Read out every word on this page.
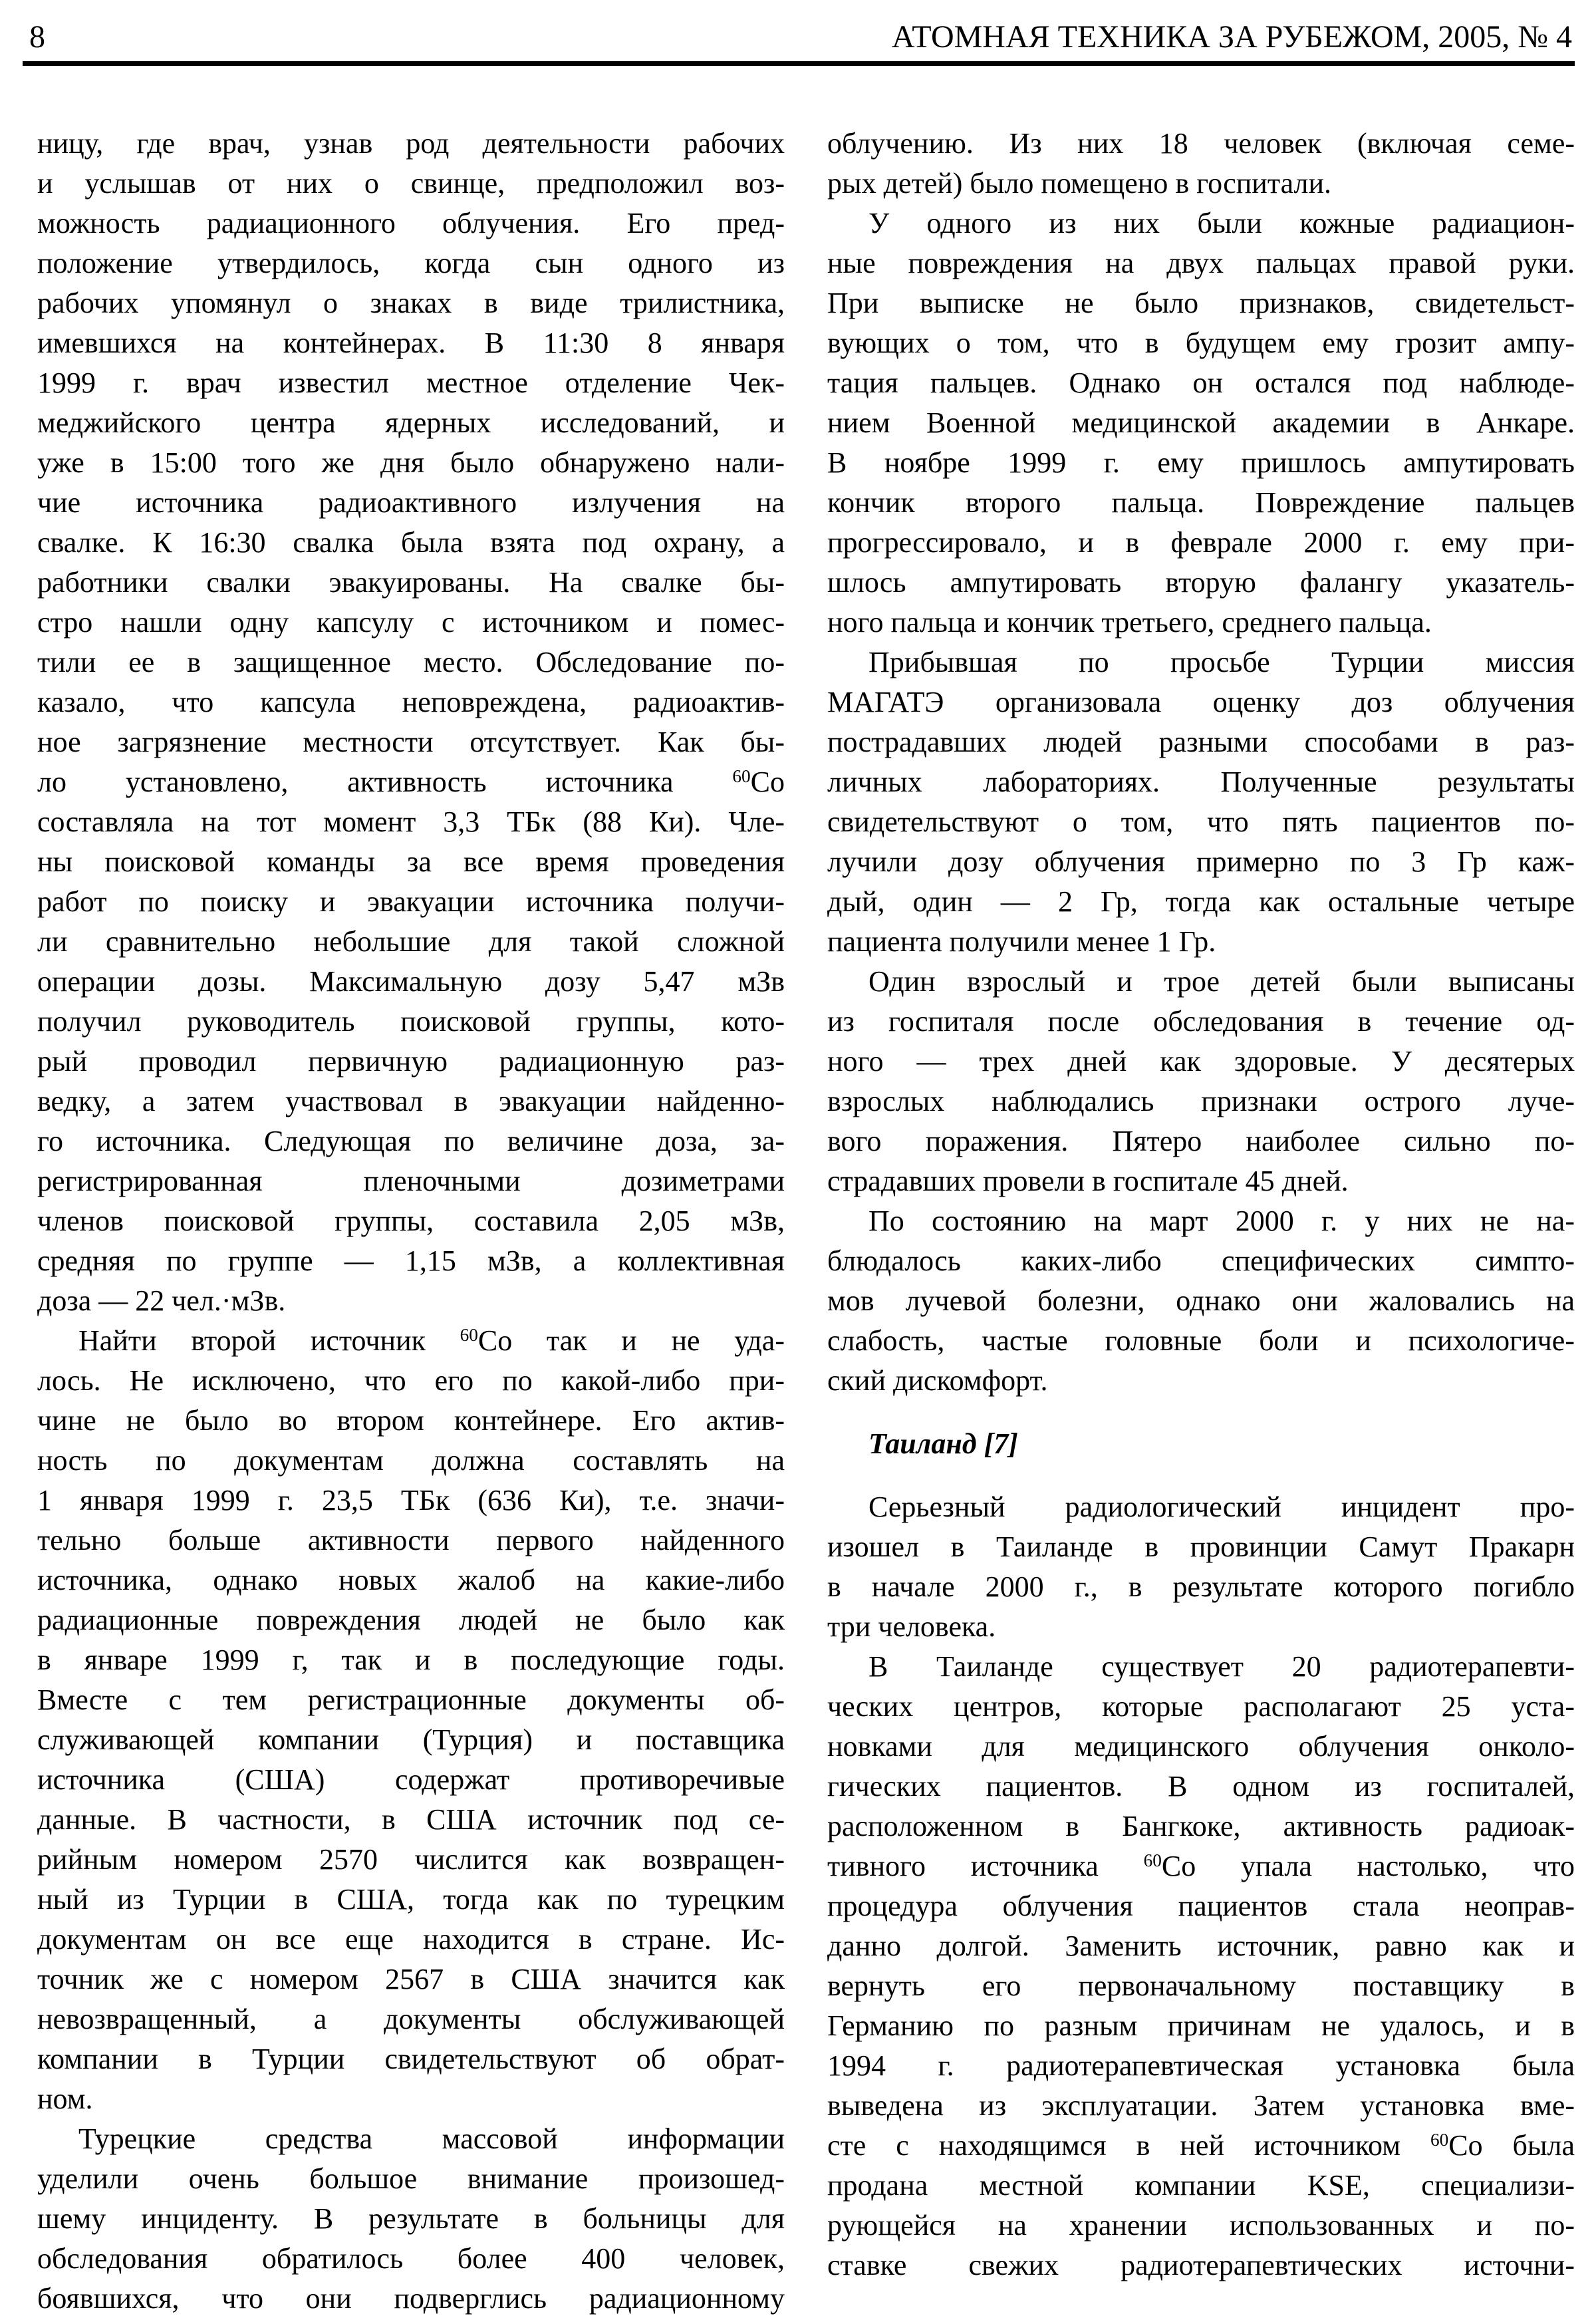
8	АТОМНАЯ ТЕХНИКА ЗА РУБЕЖОМ, 2005, № 4
ницу, где врач, узнав род деятельности рабочих
и услышав от них о свинце, предположил воз-
можность радиационного облучения. Его пред-
положение утвердилось, когда сын одного из
рабочих упомянул о знаках в виде трилистника,
имевшихся на контейнерах. В 11:30 8 января
1999 г. врач известил местное отделение Чек-
меджийского центра ядерных исследований, и
уже в 15:00 того же дня было обнаружено нали-
чие источника радиоактивного излучения на
свалке. К 16:30 свалка была взята под охрану, а
работники свалки эвакуированы. На свалке бы-
стро нашли одну капсулу с источником и помес-
тили ее в защищенное место. Обследование по-
казало, что капсула неповреждена, радиоактив-
ное загрязнение местности отсутствует. Как бы-
ло установлено, активность источника $^{60}$Co
составляла на тот момент 3,3 ТБк (88 Ки). Чле-
ны поисковой команды за все время проведения
работ по поиску и эвакуации источника получи-
ли сравнительно небольшие для такой сложной
операции дозы. Максимальную дозу 5,47 мЗв
получил руководитель поисковой группы, кото-
рый проводил первичную радиационную раз-
ведку, а затем участвовал в эвакуации найденно-
го источника. Следующая по величине доза, за-
регистрированная пленочными дозиметрами
членов поисковой группы, составила 2,05 мЗв,
средняя по группе — 1,15 мЗв, а коллективная
доза — 22 чел.·мЗв.
Найти второй источник $^{60}$Co так и не уда-
лось. Не исключено, что его по какой-либо при-
чине не было во втором контейнере. Его актив-
ность по документам должна составлять на
1 января 1999 г. 23,5 ТБк (636 Ки), т.е. значи-
тельно больше активности первого найденного
источника, однако новых жалоб на какие-либо
радиационные повреждения людей не было как
в январе 1999 г, так и в последующие годы.
Вместе с тем регистрационные документы об-
служивающей компании (Турция) и поставщика
источника (США) содержат противоречивые
данные. В частности, в США источник под се-
рийным номером 2570 числится как возвращен-
ный из Турции в США, тогда как по турецким
документам он все еще находится в стране. Ис-
точник же с номером 2567 в США значится как
невозвращенный, а документы обслуживающей
компании в Турции свидетельствуют об обрат-
ном.
Турецкие средства массовой информации
уделили очень большое внимание произошед-
шему инциденту. В результате в больницы для
обследования обратилось более 400 человек,
боявшихся, что они подверглись радиационному
облучению. Из них 18 человек (включая семе-
рых детей) было помещено в госпитали.
У одного из них были кожные радиацион-
ные повреждения на двух пальцах правой руки.
При выписке не было признаков, свидетельст-
вующих о том, что в будущем ему грозит ампу-
тация пальцев. Однако он остался под наблюде-
нием Военной медицинской академии в Анкаре.
В ноябре 1999 г. ему пришлось ампутировать
кончик второго пальца. Повреждение пальцев
прогрессировало, и в феврале 2000 г. ему при-
шлось ампутировать вторую фалангу указатель-
ного пальца и кончик третьего, среднего пальца.
Прибывшая по просьбе Турции миссия
МАГАТЭ организовала оценку доз облучения
пострадавших людей разными способами в раз-
личных лабораториях. Полученные результаты
свидетельствуют о том, что пять пациентов по-
лучили дозу облучения примерно по 3 Гр каж-
дый, один — 2 Гр, тогда как остальные четыре
пациента получили менее 1 Гр.
Один взрослый и трое детей были выписаны
из госпиталя после обследования в течение од-
ного — трех дней как здоровые. У десятерых
взрослых наблюдались признаки острого луче-
вого поражения. Пятеро наиболее сильно по-
страдавших провели в госпитале 45 дней.
По состоянию на март 2000 г. у них не на-
блюдалось каких-либо специфических симпто-
мов лучевой болезни, однако они жаловались на
слабость, частые головные боли и психологиче-
ский дискомфорт.
Таиланд [7]
Серьезный радиологический инцидент про-
изошел в Таиланде в провинции Самут Пракарн
в начале 2000 г., в результате которого погибло
три человека.
В Таиланде существует 20 радиотерапевти-
ческих центров, которые располагают 25 уста-
новками для медицинского облучения онколо-
гических пациентов. В одном из госпиталей,
расположенном в Бангкоке, активность радиоак-
тивного источника $^{60}$Co упала настолько, что
процедура облучения пациентов стала неоправ-
данно долгой. Заменить источник, равно как и
вернуть его первоначальному поставщику в
Германию по разным причинам не удалось, и в
1994 г. радиотерапевтическая установка была
выведена из эксплуатации. Затем установка вме-
сте с находящимся в ней источником $^{60}$Co была
продана местной компании KSE, специализи-
рующейся на хранении использованных и по-
ставке свежих радиотерапевтических источни-
